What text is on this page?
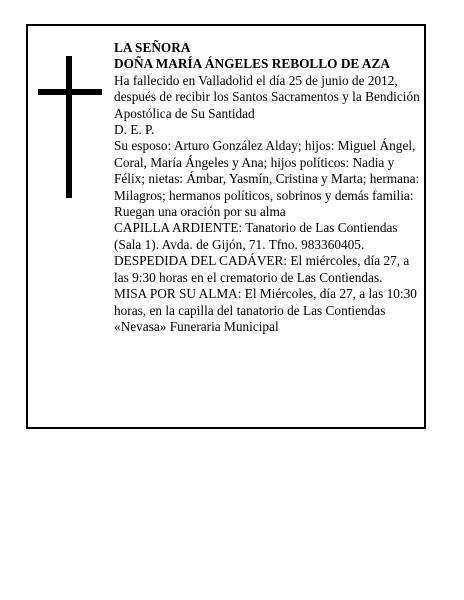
LA SEÑORA

DOÑA MARÍA ÁNGELES REBOLLO DE AZA

Ha fallecido en Valladolid el día 25 de junio de 2012, después de recibir los Santos Sacramentos y la Bendición Apostólica de Su Santidad

D. E. P.

Su esposo: Arturo González Alday; hijos: Miguel Ángel, Coral, María Ángeles y Ana; hijos políticos: Nadia y Félix; nietas: Ámbar, Yasmín, Cristina y Marta; hermana: Milagros; hermanos políticos, sobrinos y demás familia:

Ruegan una oración por su alma

CAPILLA ARDIENTE: Tanatorio de Las Contiendas (Sala 1). Avda. de Gijón, 71. Tfno. 983360405.

DESPEDIDA DEL CADÁVER: El miércoles, día 27, a las 9:30 horas en el crematorio de Las Contiendas.

MISA POR SU ALMA: El Miércoles, día 27, a las 10:30 horas, en la capilla del tanatorio de Las Contiendas

«Nevasa» Funeraria Municipal
